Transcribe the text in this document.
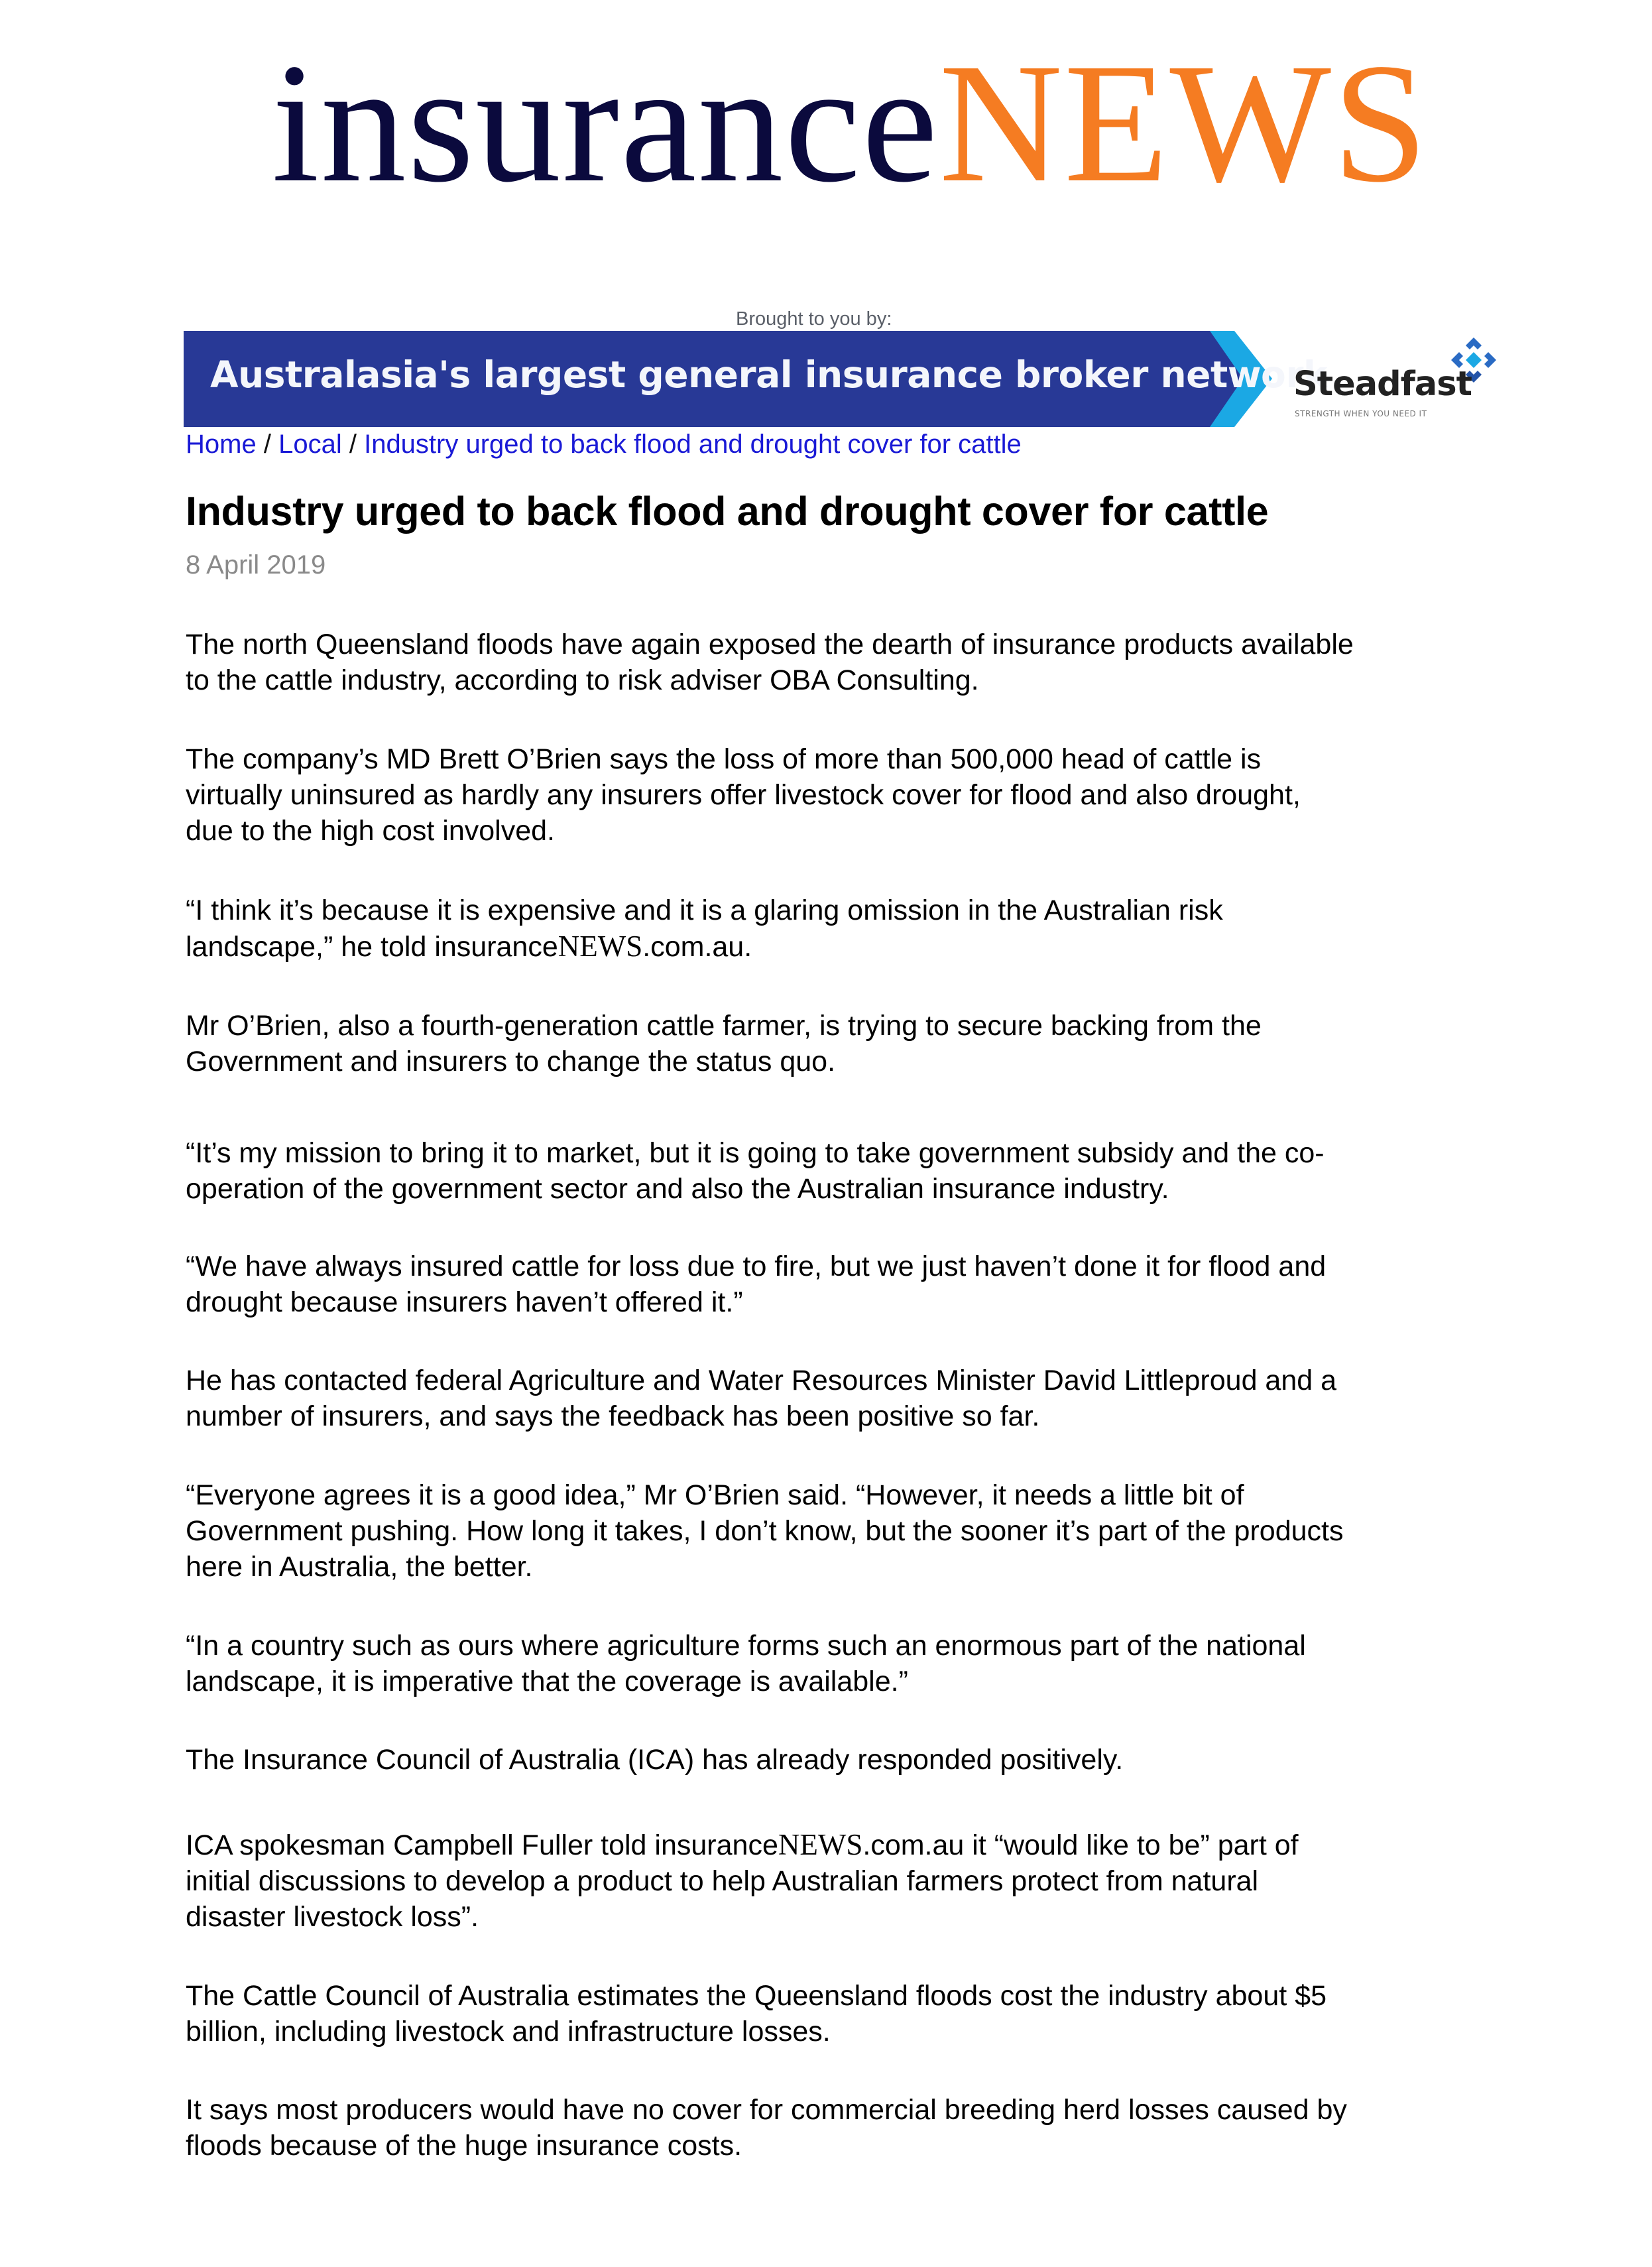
insuranceNEWS
Brought to you by:
Australasia's largest general insurance broker network
Steadfast
STRENGTH WHEN YOU NEED IT
Home / Local / Industry urged to back flood and drought cover for cattle
Industry urged to back flood and drought cover for cattle
8 April 2019
The north Queensland floods have again exposed the dearth of insurance products available
to the cattle industry, according to risk adviser OBA Consulting.
The company’s MD Brett O’Brien says the loss of more than 500,000 head of cattle is
virtually uninsured as hardly any insurers offer livestock cover for flood and also drought,
due to the high cost involved.
“I think it’s because it is expensive and it is a glaring omission in the Australian risk
landscape,” he told insuranceNEWS.com.au.
Mr O’Brien, also a fourth-generation cattle farmer, is trying to secure backing from the
Government and insurers to change the status quo.
“It’s my mission to bring it to market, but it is going to take government subsidy and the co-
operation of the government sector and also the Australian insurance industry.
“We have always insured cattle for loss due to fire, but we just haven’t done it for flood and
drought because insurers haven’t offered it.”
He has contacted federal Agriculture and Water Resources Minister David Littleproud and a
number of insurers, and says the feedback has been positive so far.
“Everyone agrees it is a good idea,” Mr O’Brien said. “However, it needs a little bit of
Government pushing. How long it takes, I don’t know, but the sooner it’s part of the products
here in Australia, the better.
“In a country such as ours where agriculture forms such an enormous part of the national
landscape, it is imperative that the coverage is available.”
The Insurance Council of Australia (ICA) has already responded positively.
ICA spokesman Campbell Fuller told insuranceNEWS.com.au it “would like to be” part of
initial discussions to develop a product to help Australian farmers protect from natural
disaster livestock loss”.
The Cattle Council of Australia estimates the Queensland floods cost the industry about $5
billion, including livestock and infrastructure losses.
It says most producers would have no cover for commercial breeding herd losses caused by
floods because of the huge insurance costs.
